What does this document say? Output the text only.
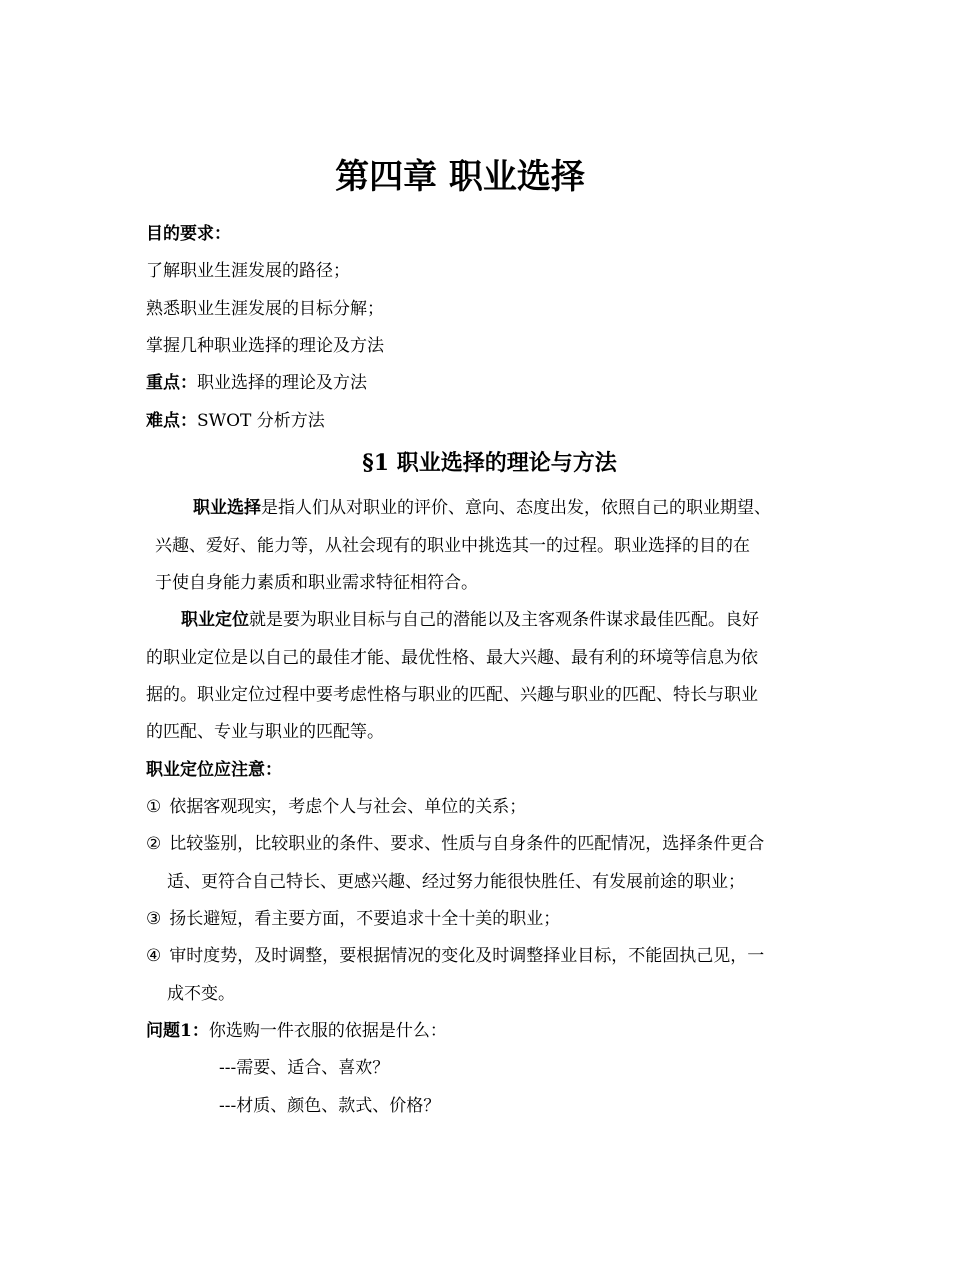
第四章 职业选择
目的要求：
了解职业生涯发展的路径；
熟悉职业生涯发展的目标分解；
掌握几种职业选择的理论及方法
重点：职业选择的理论及方法
难点：SWOT 分析方法
§1 职业选择的理论与方法
职业选择是指人们从对职业的评价、意向、态度出发，依照自己的职业期望、
兴趣、爱好、能力等，从社会现有的职业中挑选其一的过程。职业选择的目的在
于使自身能力素质和职业需求特征相符合。
职业定位就是要为职业目标与自己的潜能以及主客观条件谋求最佳匹配。良好
的职业定位是以自己的最佳才能、最优性格、最大兴趣、最有利的环境等信息为依
据的。职业定位过程中要考虑性格与职业的匹配、兴趣与职业的匹配、特长与职业
的匹配、专业与职业的匹配等。
职业定位应注意：
① 依据客观现实，考虑个人与社会、单位的关系；
② 比较鉴别，比较职业的条件、要求、性质与自身条件的匹配情况，选择条件更合
适、更符合自己特长、更感兴趣、经过努力能很快胜任、有发展前途的职业；
③ 扬长避短，看主要方面，不要追求十全十美的职业；
④ 审时度势，及时调整，要根据情况的变化及时调整择业目标，不能固执己见，一
成不变。
问题1：你选购一件衣服的依据是什么：
---需要、适合、喜欢？
---材质、颜色、款式、价格？
